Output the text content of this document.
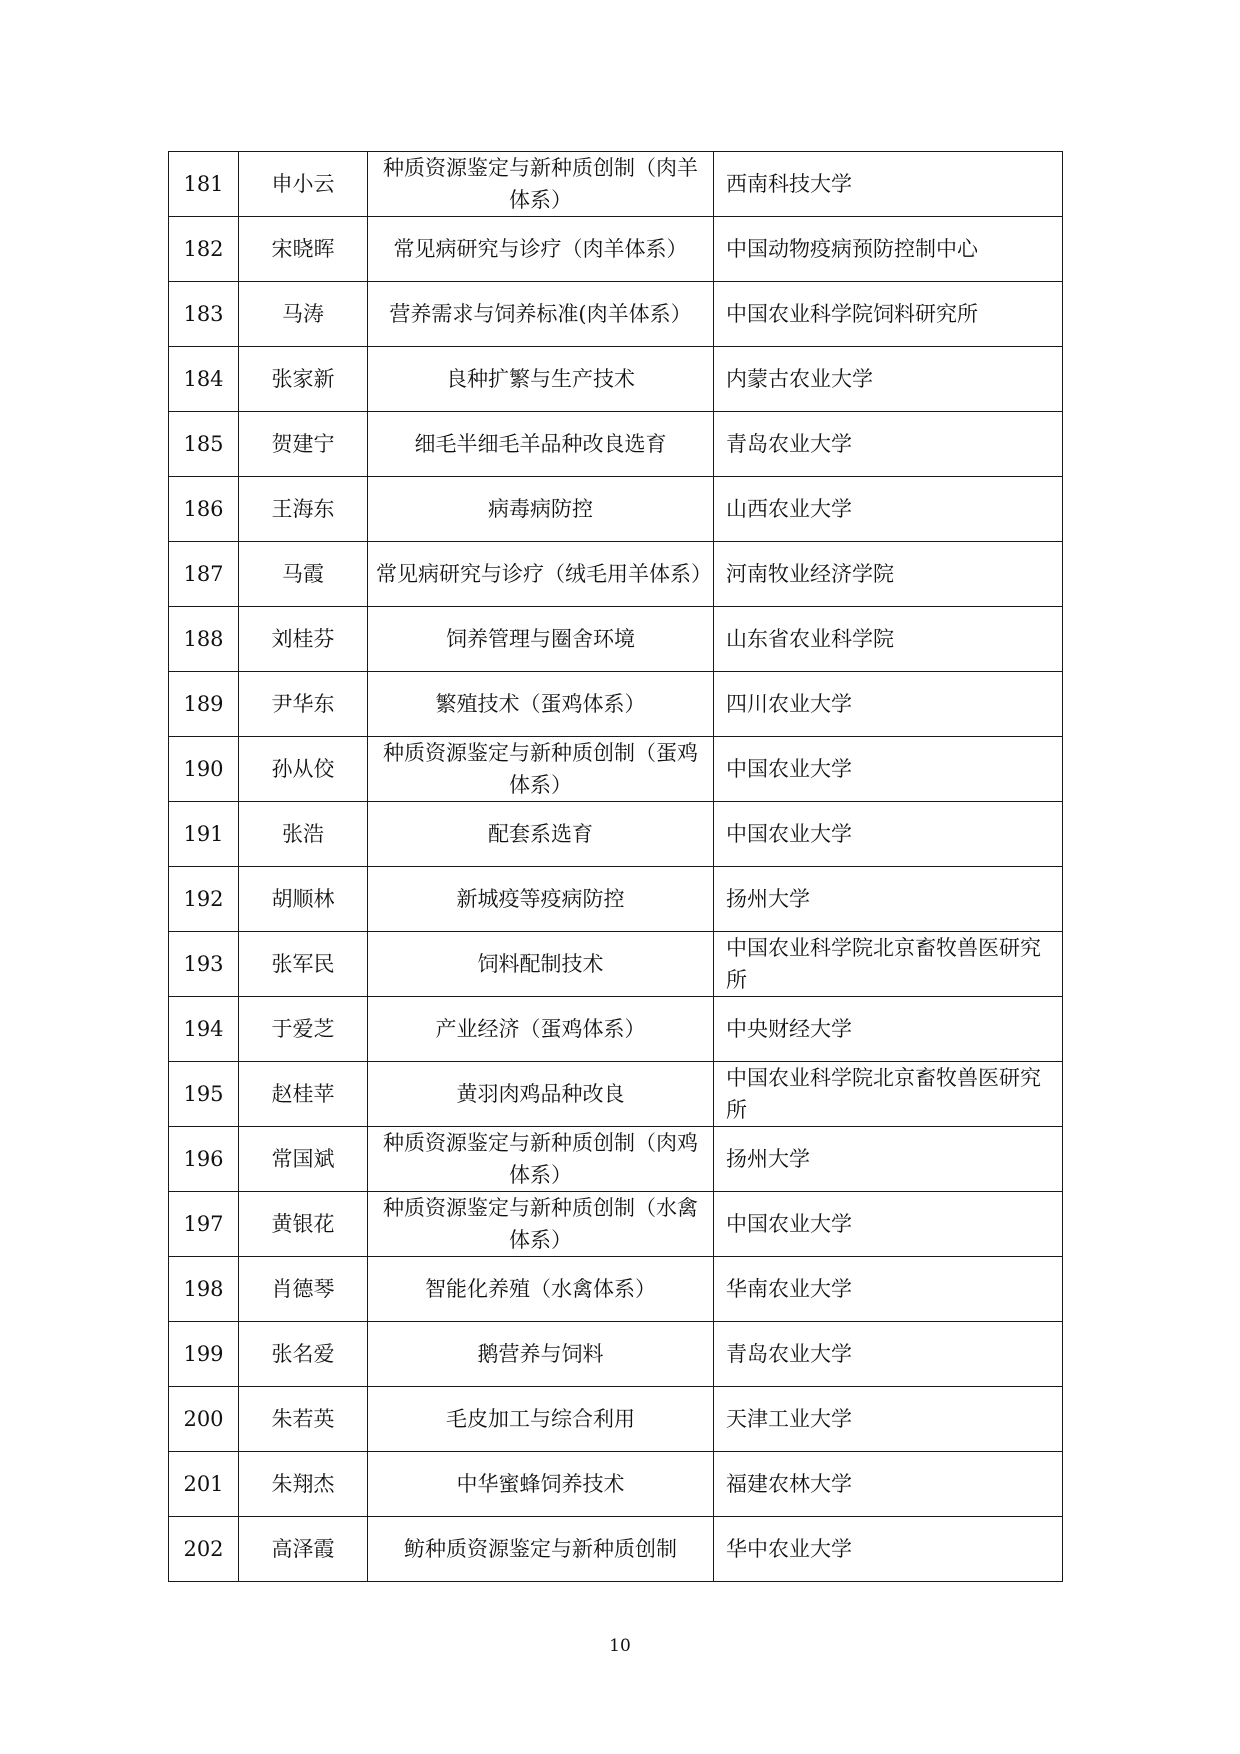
181	申小云	种质资源鉴定与新种质创制（肉羊体系）	西南科技大学
182	宋晓晖	常见病研究与诊疗（肉羊体系）	中国动物疫病预防控制中心
183	马涛	营养需求与饲养标准(肉羊体系）	中国农业科学院饲料研究所
184	张家新	良种扩繁与生产技术	内蒙古农业大学
185	贺建宁	细毛半细毛羊品种改良选育	青岛农业大学
186	王海东	病毒病防控	山西农业大学
187	马霞	常见病研究与诊疗（绒毛用羊体系）	河南牧业经济学院
188	刘桂芬	饲养管理与圈舍环境	山东省农业科学院
189	尹华东	繁殖技术（蛋鸡体系）	四川农业大学
190	孙从佼	种质资源鉴定与新种质创制（蛋鸡体系）	中国农业大学
191	张浩	配套系选育	中国农业大学
192	胡顺林	新城疫等疫病防控	扬州大学
193	张军民	饲料配制技术	中国农业科学院北京畜牧兽医研究所
194	于爱芝	产业经济（蛋鸡体系）	中央财经大学
195	赵桂苹	黄羽肉鸡品种改良	中国农业科学院北京畜牧兽医研究所
196	常国斌	种质资源鉴定与新种质创制（肉鸡体系）	扬州大学
197	黄银花	种质资源鉴定与新种质创制（水禽体系）	中国农业大学
198	肖德琴	智能化养殖（水禽体系）	华南农业大学
199	张名爱	鹅营养与饲料	青岛农业大学
200	朱若英	毛皮加工与综合利用	天津工业大学
201	朱翔杰	中华蜜蜂饲养技术	福建农林大学
202	高泽霞	鲂种质资源鉴定与新种质创制	华中农业大学
10
